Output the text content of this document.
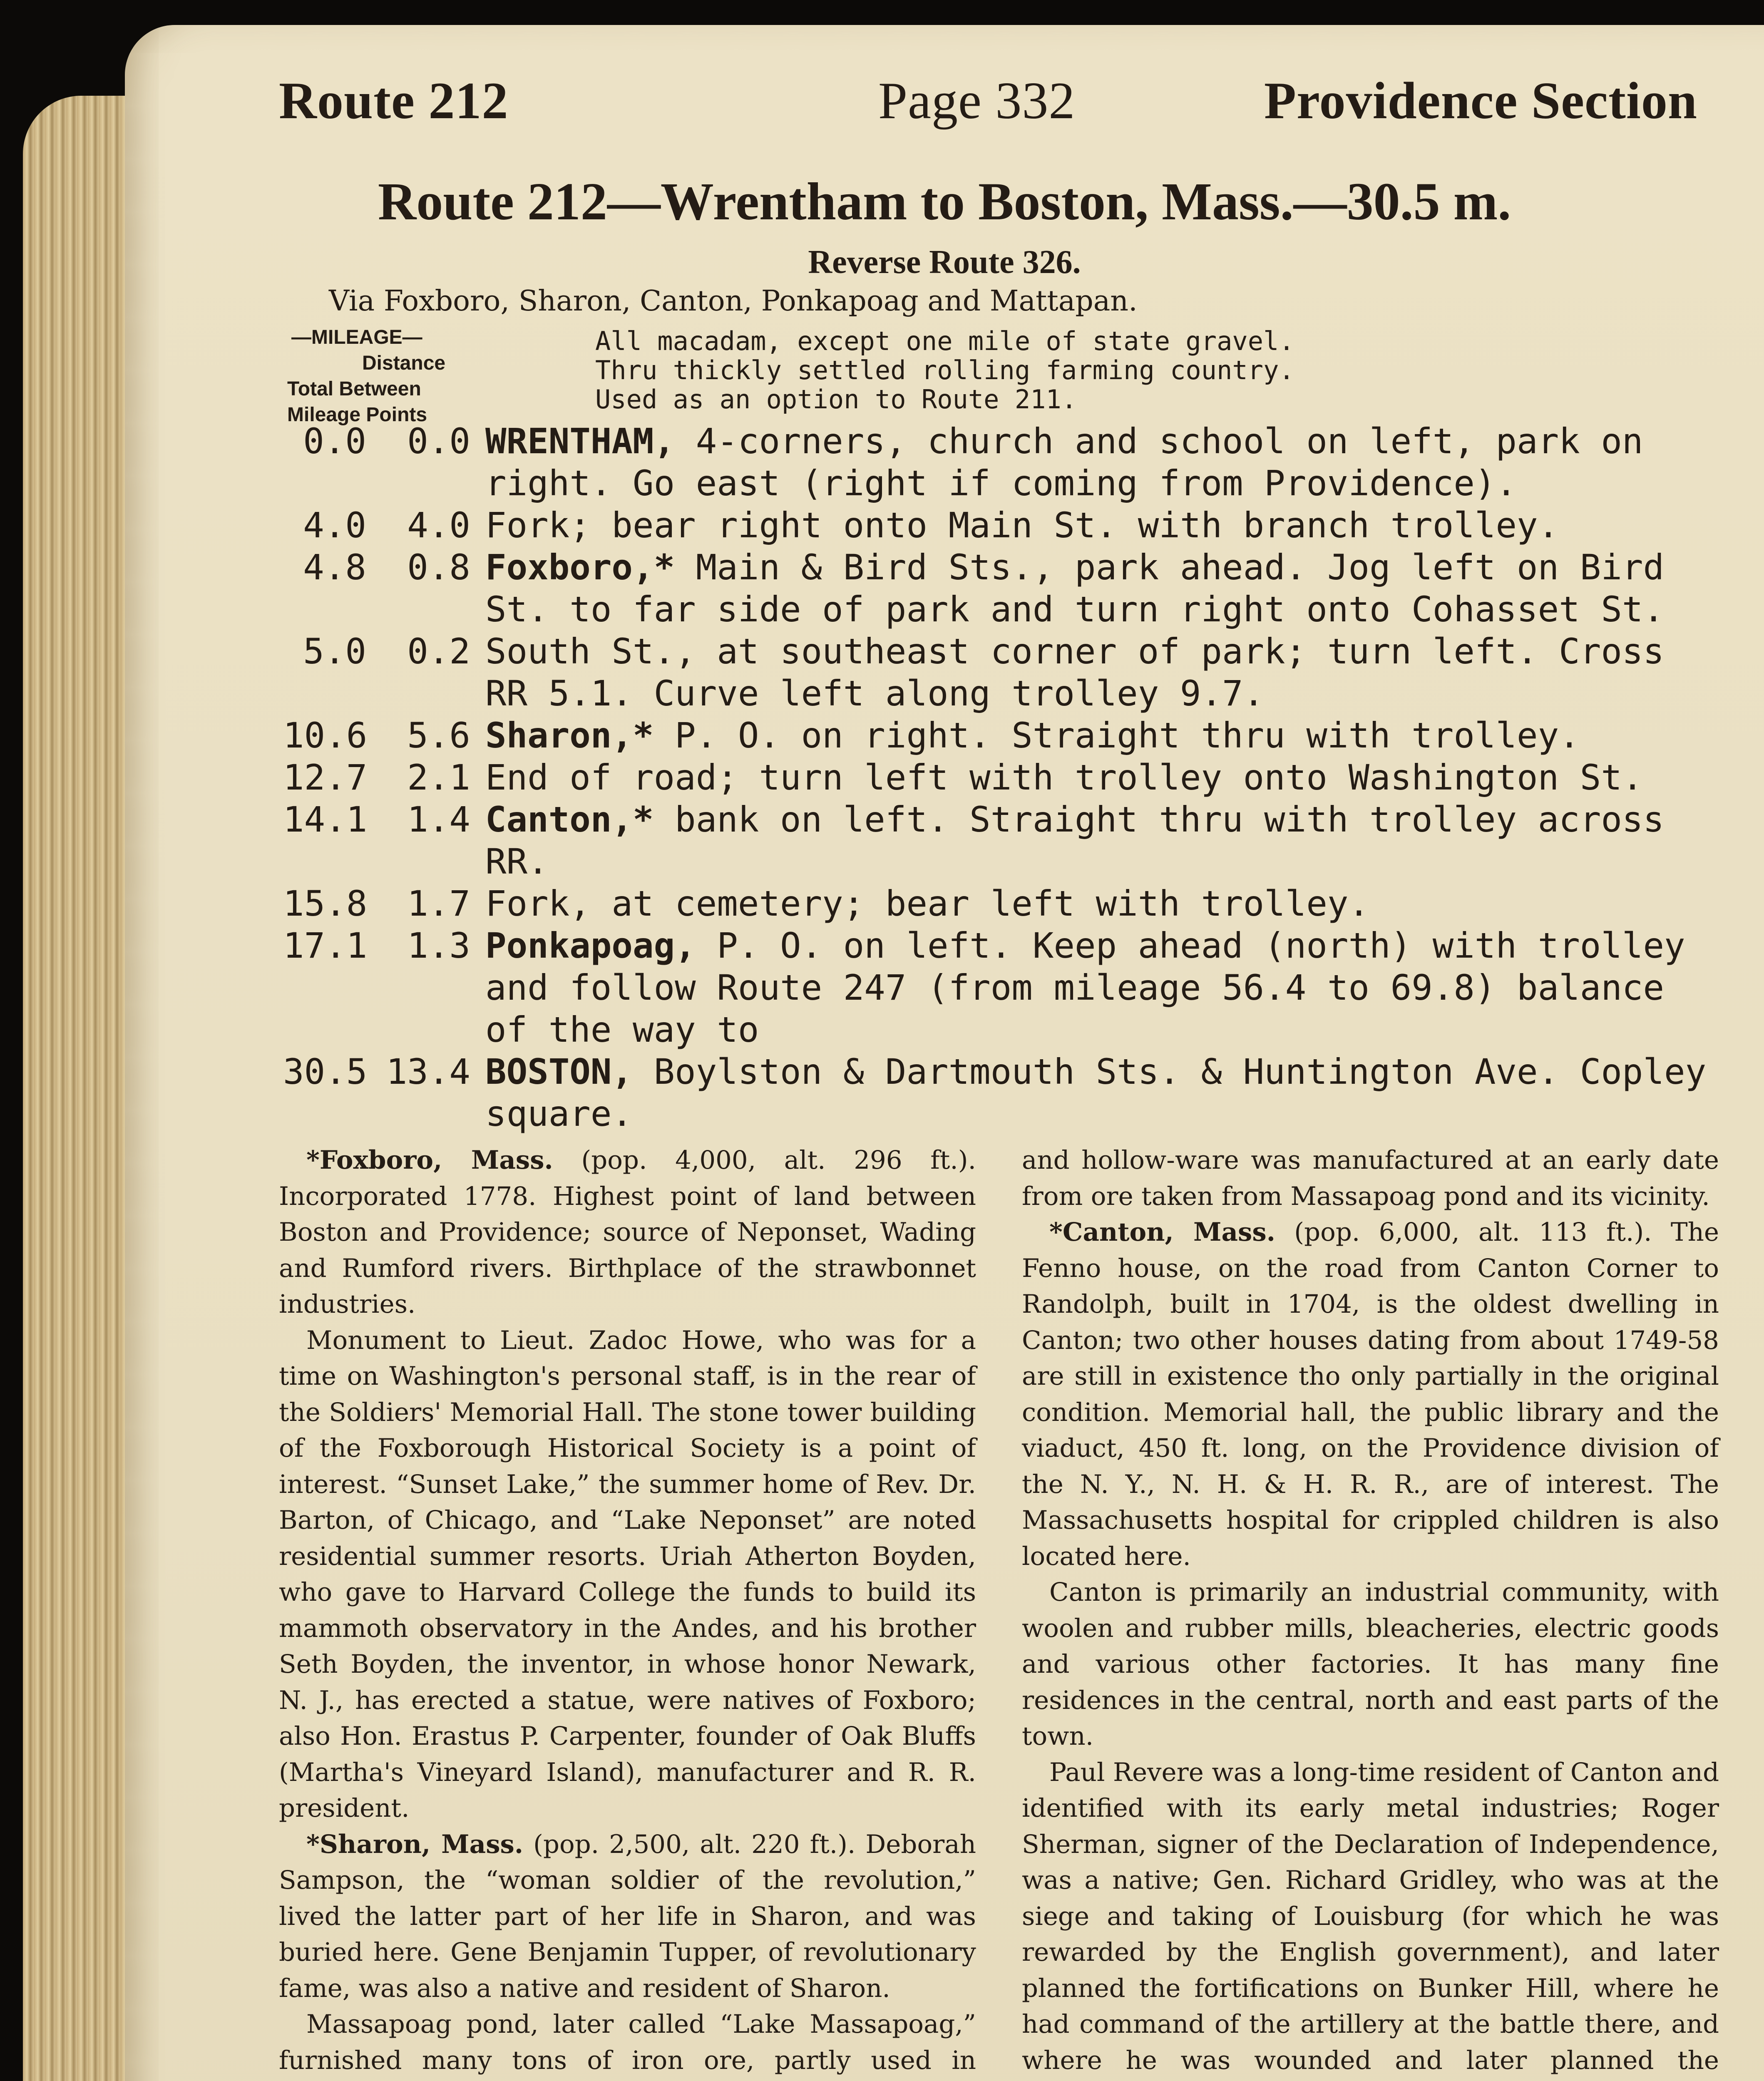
Route 212	Page 332	Providence Section
Route 212—Wrentham to Boston, Mass.—30.5 m.
Reverse Route 326.
Via Foxboro, Sharon, Canton, Ponkapoag and Mattapan.
—MILEAGE—
Distance
Total Between
Mileage Points
All macadam, except one mile of state gravel.
Thru thickly settled rolling farming country.
Used as an option to Route 211.
0.0	0.0 WRENTHAM, 4-corners, church and school on left, park on right. Go east (right if coming from Providence).
4.0	4.0 Fork; bear right onto Main St. with branch trolley.
4.8	0.8 Foxboro,* Main & Bird Sts., park ahead. Jog left on Bird St. to far side of park and turn right onto Cohasset St.
5.0	0.2 South St., at southeast corner of park; turn left. Cross RR 5.1. Curve left along trolley 9.7.
10.6	5.6 Sharon,* P. O. on right. Straight thru with trolley.
12.7	2.1 End of road; turn left with trolley onto Washington St.
14.1	1.4 Canton,* bank on left. Straight thru with trolley across RR.
15.8	1.7 Fork, at cemetery; bear left with trolley.
17.1	1.3 Ponkapoag, P. O. on left. Keep ahead (north) with trolley and follow Route 247 (from mileage 56.4 to 69.8) balance of the way to
30.5 13.4 BOSTON, Boylston & Dartmouth Sts. & Huntington Ave. Copley square.

*Foxboro, Mass. (pop. 4,000, alt. 296 ft.). Incorporated 1778. Highest point of land between Boston and Providence; source of Neponset, Wading and Rumford rivers. Birthplace of the strawbonnet industries.

Monument to Lieut. Zadoc Howe, who was for a time on Washington's personal staff, is in the rear of the Soldiers' Memorial Hall. The stone tower building of the Foxborough Historical Society is a point of interest. “Sunset Lake,” the summer home of Rev. Dr. Barton, of Chicago, and “Lake Neponset” are noted residential summer resorts. Uriah Atherton Boyden, who gave to Harvard College the funds to build its mammoth observatory in the Andes, and his brother Seth Boyden, the inventor, in whose honor Newark, N. J., has erected a statue, were natives of Foxboro; also Hon. Erastus P. Carpenter, founder of Oak Bluffs (Martha's Vineyard Island), manufacturer and R. R. president.

*Sharon, Mass. (pop. 2,500, alt. 220 ft.). Deborah Sampson, the “woman soldier of the revolution,” lived the latter part of her life in Sharon, and was buried here. Gene Benjamin Tupper, of revolutionary fame, was also a native and resident of Sharon.

Massapoag pond, later called “Lake Massapoag,” furnished many tons of iron ore, partly used in

and hollow-ware was manufactured at an early date from ore taken from Massapoag pond and its vicinity.

*Canton, Mass. (pop. 6,000, alt. 113 ft.). The Fenno house, on the road from Canton Corner to Randolph, built in 1704, is the oldest dwelling in Canton; two other houses dating from about 1749-58 are still in existence tho only partially in the original condition. Memorial hall, the public library and the viaduct, 450 ft. long, on the Providence division of the N. Y., N. H. & H. R. R., are of interest. The Massachusetts hospital for crippled children is also located here.

Canton is primarily an industrial community, with woolen and rubber mills, bleacheries, electric goods and various other factories. It has many fine residences in the central, north and east parts of the town.

Paul Revere was a long-time resident of Canton and identified with its early metal industries; Roger Sherman, signer of the Declaration of Independence, was a native; Gen. Richard Gridley, who was at the siege and taking of Louisburg (for which he was rewarded by the English government), and later planned the fortifications on Bunker Hill, where he had command of the artillery at the battle there, and where he was wounded and later planned the
